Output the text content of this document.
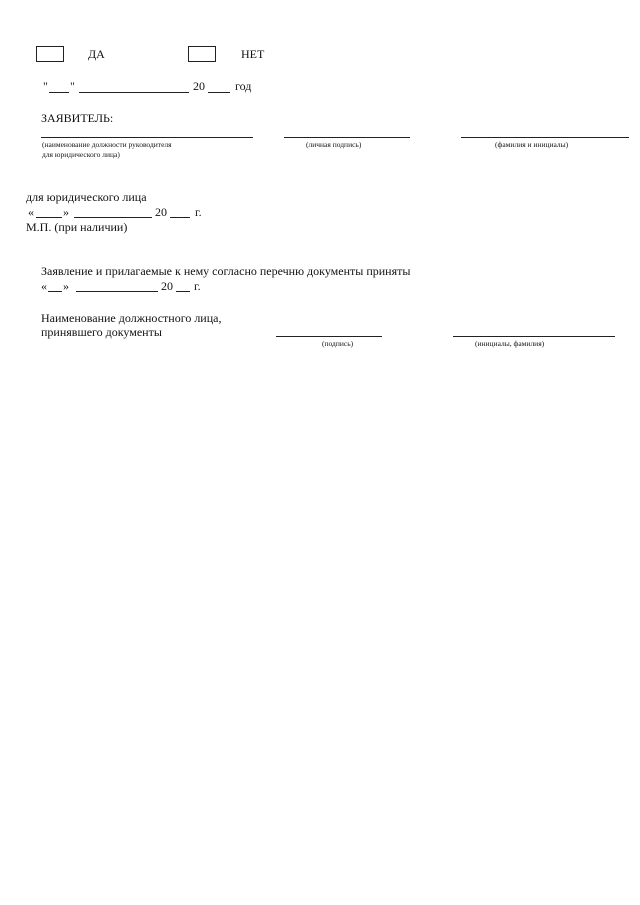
ДА	НЕТ
" "	20	год
ЗАЯВИТЕЛЬ:
(наименование должности руководителя
для юридического лица)
(личная подпись)	(фамилия и инициалы)
для юридического лица
« »	20 г.
М.П. (при наличии)
Заявление и прилагаемые к нему согласно перечню документы приняты
« »	20 г.
Наименование должностного лица,
принявшего документы
(подпись)	(инициалы, фамилия)
